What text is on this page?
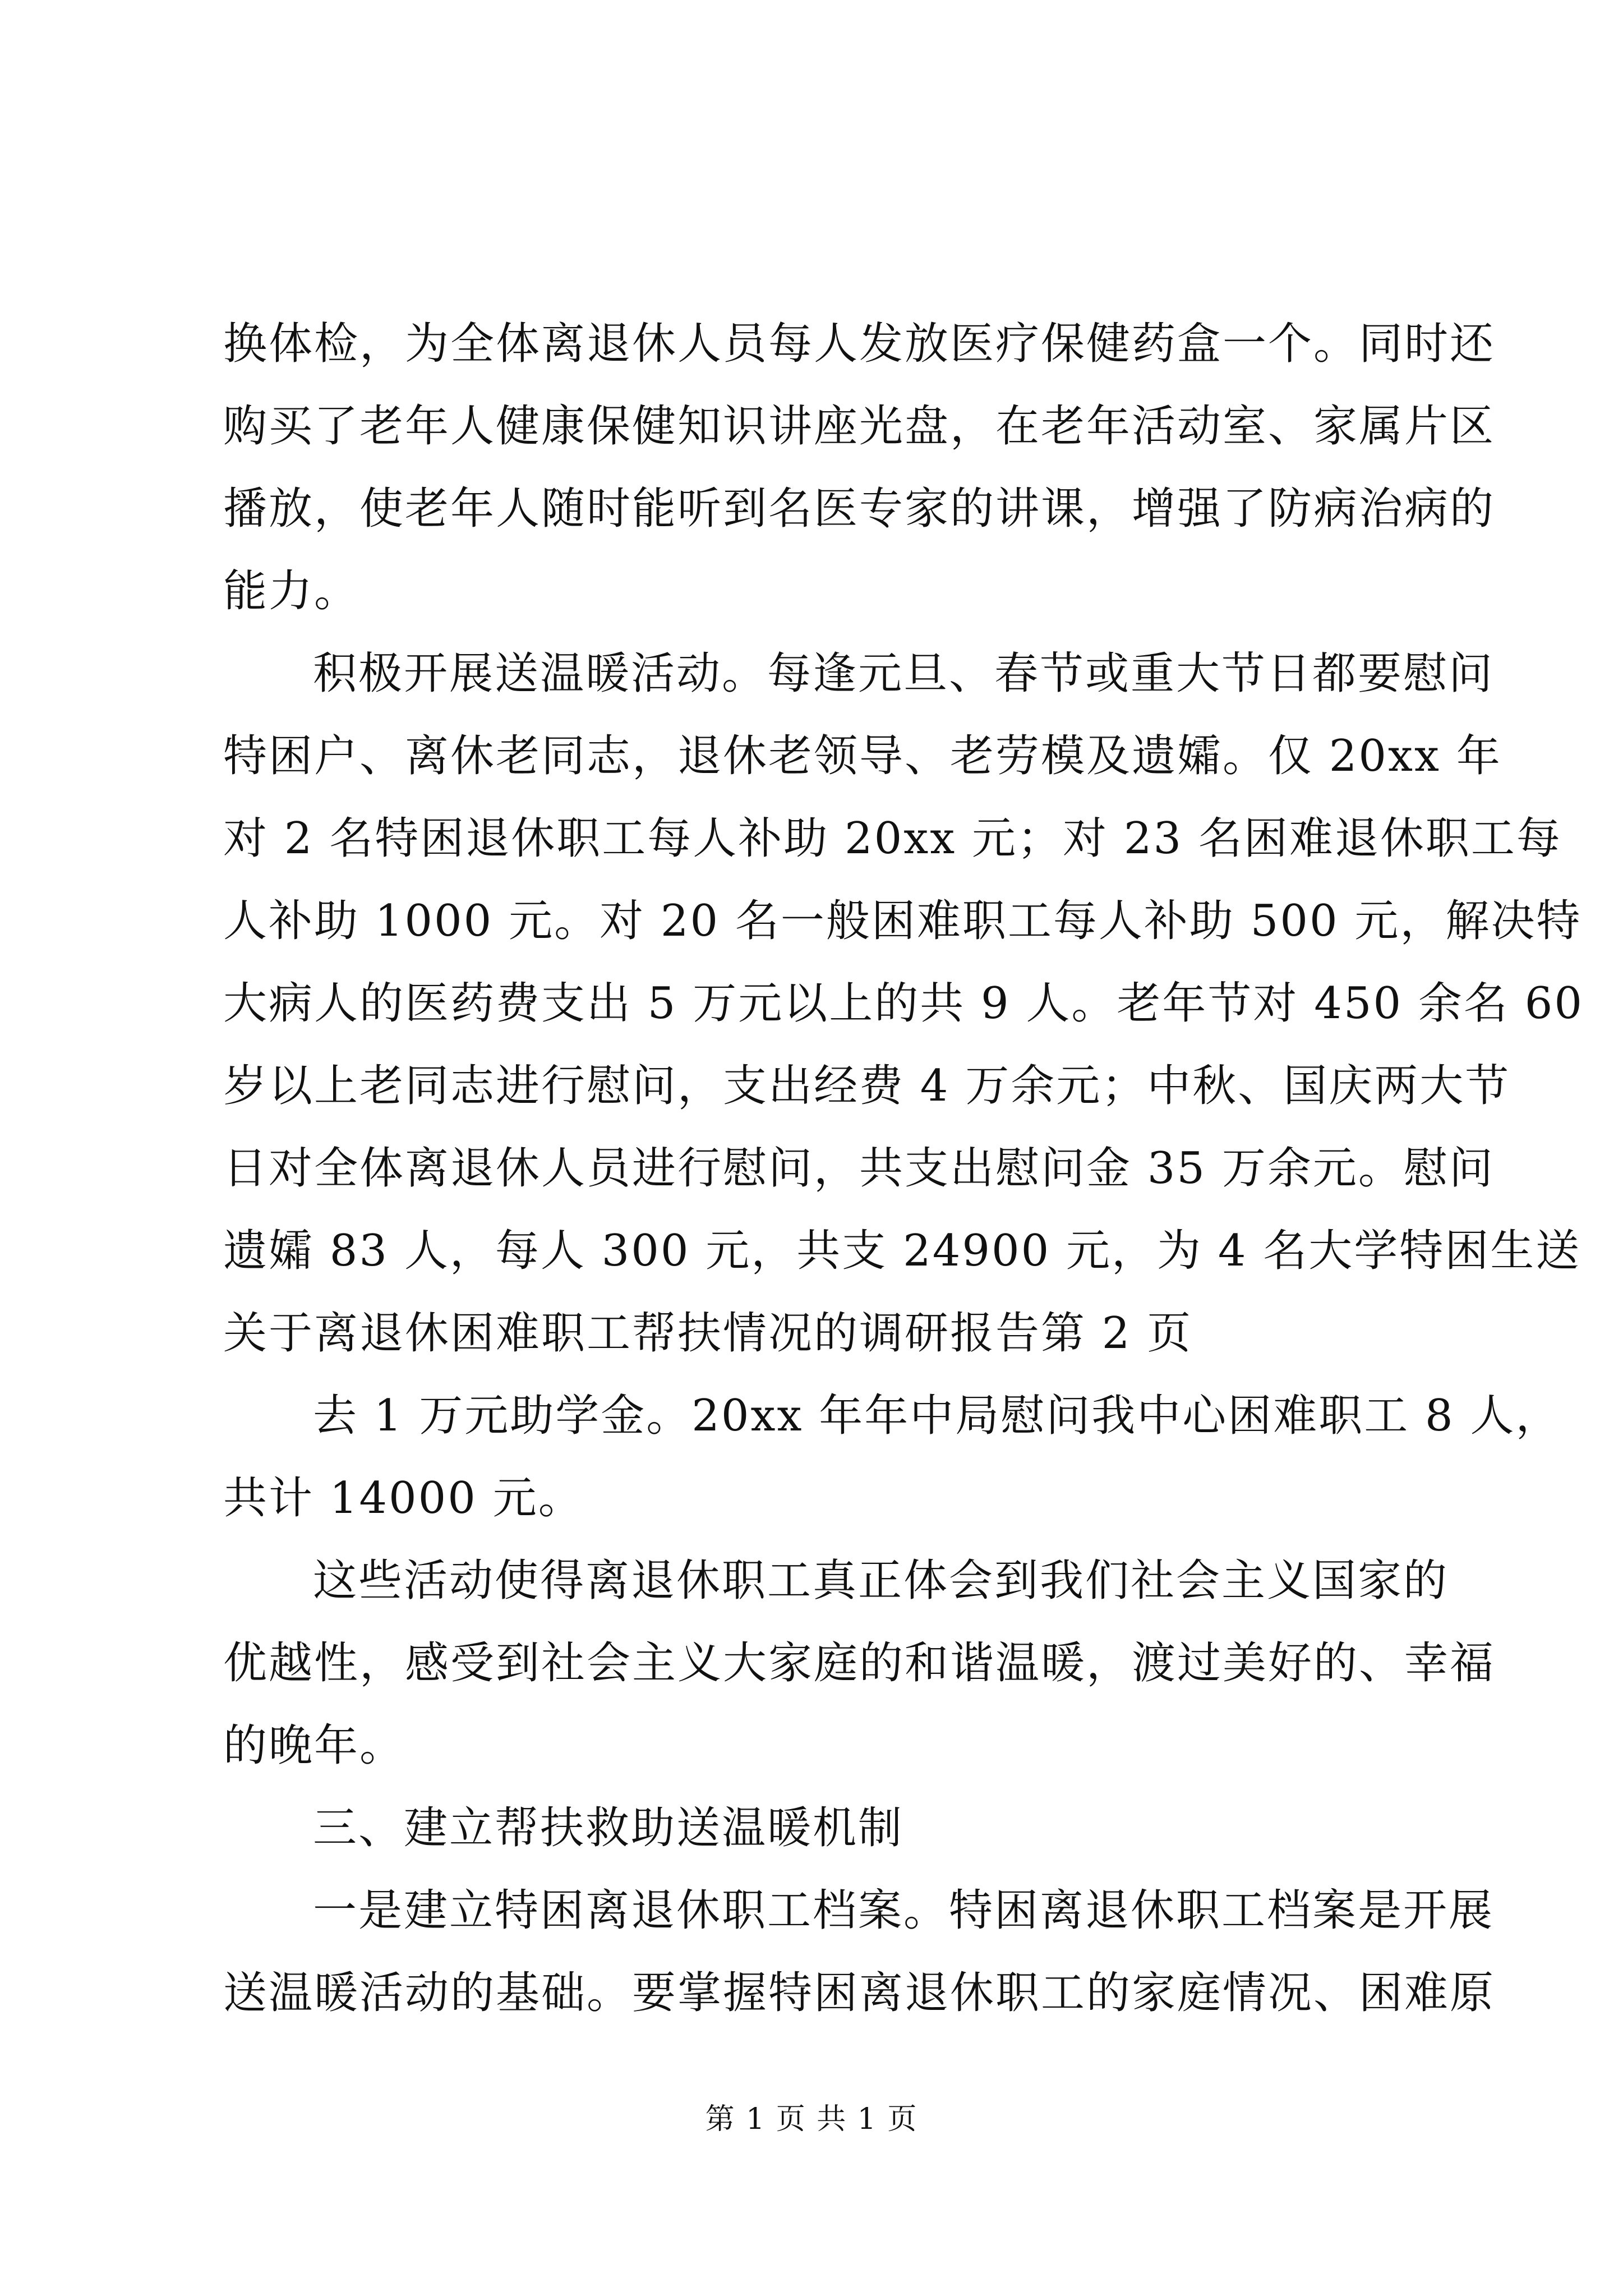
换体检，为全体离退休人员每人发放医疗保健药盒一个。同时还
购买了老年人健康保健知识讲座光盘，在老年活动室、家属片区
播放，使老年人随时能听到名医专家的讲课，增强了防病治病的
能力。
积极开展送温暖活动。每逢元旦、春节或重大节日都要慰问
特困户、离休老同志，退休老领导、老劳模及遗孀。仅 20xx 年
对 2 名特困退休职工每人补助 20xx 元；对 23 名困难退休职工每
人补助 1000 元。对 20 名一般困难职工每人补助 500 元，解决特
大病人的医药费支出 5 万元以上的共 9 人。老年节对 450 余名 60
岁以上老同志进行慰问，支出经费 4 万余元；中秋、国庆两大节
日对全体离退休人员进行慰问，共支出慰问金 35 万余元。慰问
遗孀 83 人，每人 300 元，共支 24900 元，为 4 名大学特困生送
关于离退休困难职工帮扶情况的调研报告第 2 页
去 1 万元助学金。20xx 年年中局慰问我中心困难职工 8 人，
共计 14000 元。
这些活动使得离退休职工真正体会到我们社会主义国家的
优越性，感受到社会主义大家庭的和谐温暖，渡过美好的、幸福
的晚年。
三、建立帮扶救助送温暖机制
一是建立特困离退休职工档案。特困离退休职工档案是开展
送温暖活动的基础。要掌握特困离退休职工的家庭情况、困难原
第 1 页 共 1 页
